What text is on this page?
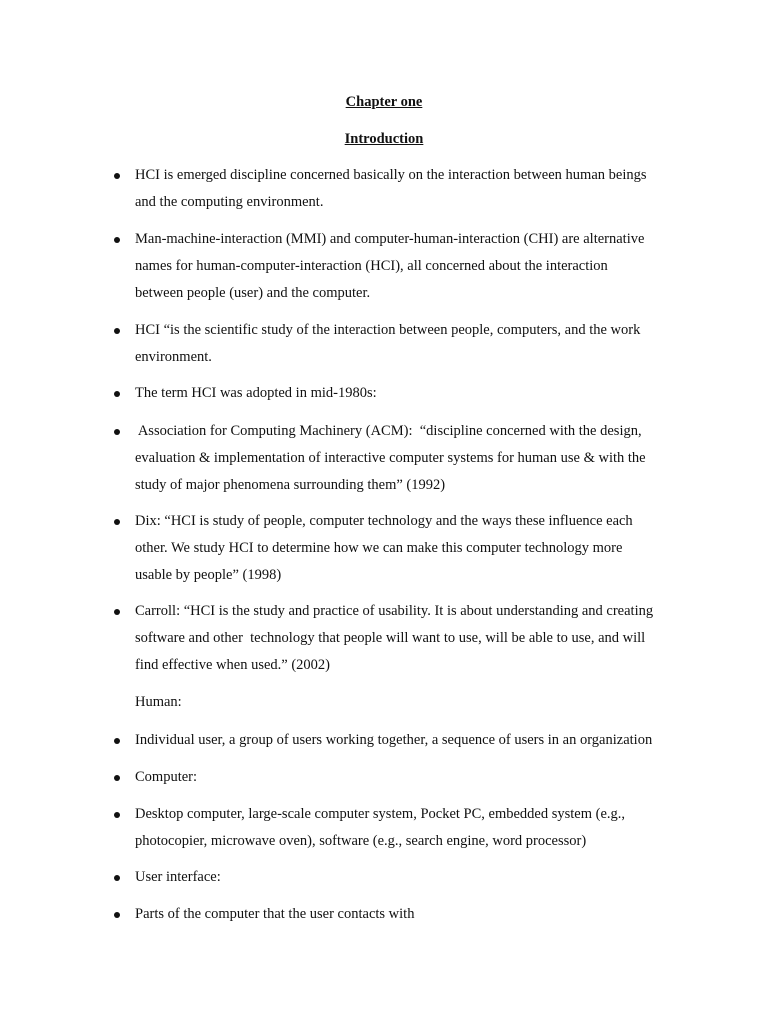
Chapter one
Introduction
HCI is emerged discipline concerned basically on the interaction between human beings
and the computing environment.
Man-machine-interaction (MMI) and computer-human-interaction (CHI) are alternative
names for human-computer-interaction (HCI), all concerned about the interaction
between people (user) and the computer.
HCI “is the scientific study of the interaction between people, computers, and the work
environment.
The term HCI was adopted in mid-1980s:
Association for Computing Machinery (ACM):  “discipline concerned with the design,
evaluation & implementation of interactive computer systems for human use & with the
study of major phenomena surrounding them” (1992)
Dix: “HCI is study of people, computer technology and the ways these influence each
other. We study HCI to determine how we can make this computer technology more
usable by people” (1998)
Carroll: “HCI is the study and practice of usability. It is about understanding and creating
software and other  technology that people will want to use, will be able to use, and will
find effective when used.” (2002)
Human:
Individual user, a group of users working together, a sequence of users in an organization
Computer:
Desktop computer, large-scale computer system, Pocket PC, embedded system (e.g.,
photocopier, microwave oven), software (e.g., search engine, word processor)
User interface:
Parts of the computer that the user contacts with
